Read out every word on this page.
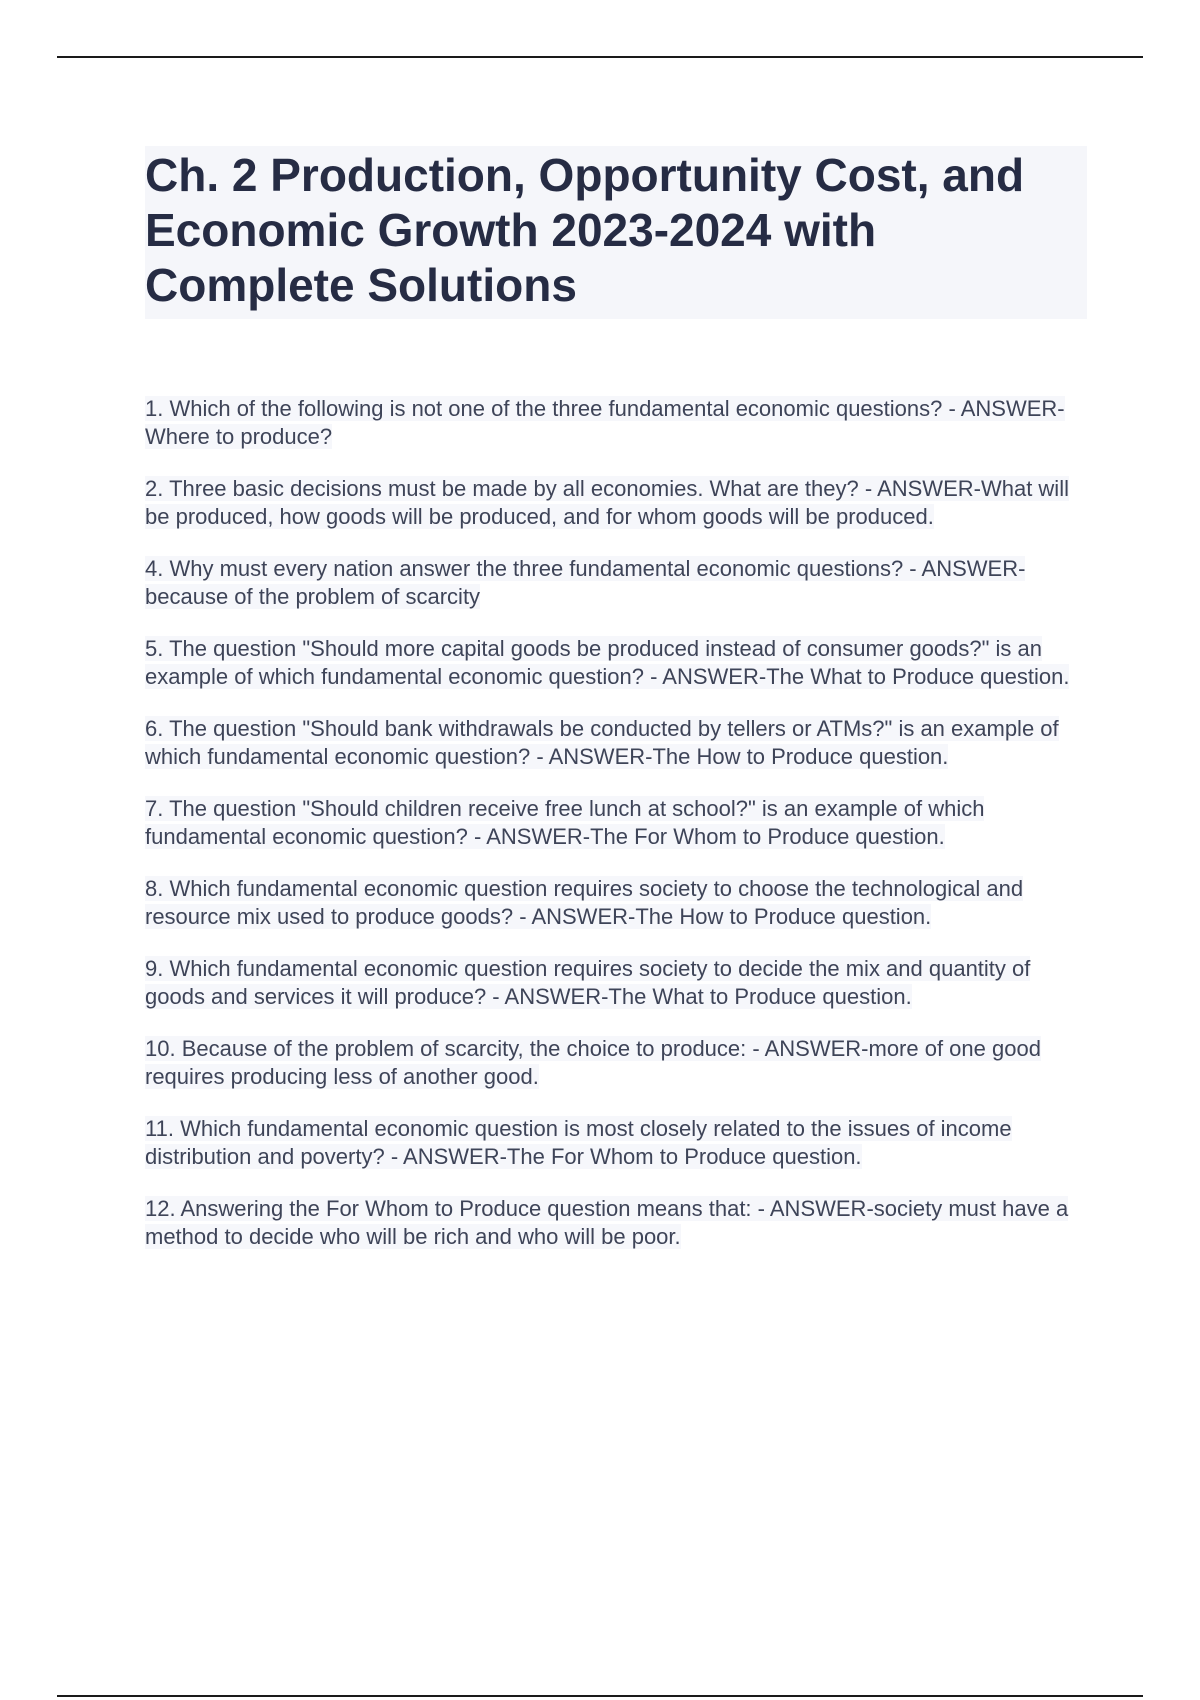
Ch. 2 Production, Opportunity Cost, and Economic Growth 2023-2024 with Complete Solutions

1. Which of the following is not one of the three fundamental economic questions? - ANSWER-Where to produce?

2. Three basic decisions must be made by all economies. What are they? - ANSWER-What will be produced, how goods will be produced, and for whom goods will be produced.

4. Why must every nation answer the three fundamental economic questions? - ANSWER-because of the problem of scarcity

5. The question "Should more capital goods be produced instead of consumer goods?" is an example of which fundamental economic question? - ANSWER-The What to Produce question.

6. The question "Should bank withdrawals be conducted by tellers or ATMs?" is an example of which fundamental economic question? - ANSWER-The How to Produce question.

7. The question "Should children receive free lunch at school?" is an example of which fundamental economic question? - ANSWER-The For Whom to Produce question.

8. Which fundamental economic question requires society to choose the technological and resource mix used to produce goods? - ANSWER-The How to Produce question.

9. Which fundamental economic question requires society to decide the mix and quantity of goods and services it will produce? - ANSWER-The What to Produce question.

10. Because of the problem of scarcity, the choice to produce: - ANSWER-more of one good requires producing less of another good.

11. Which fundamental economic question is most closely related to the issues of income distribution and poverty? - ANSWER-The For Whom to Produce question.

12. Answering the For Whom to Produce question means that: - ANSWER-society must have a method to decide who will be rich and who will be poor.
